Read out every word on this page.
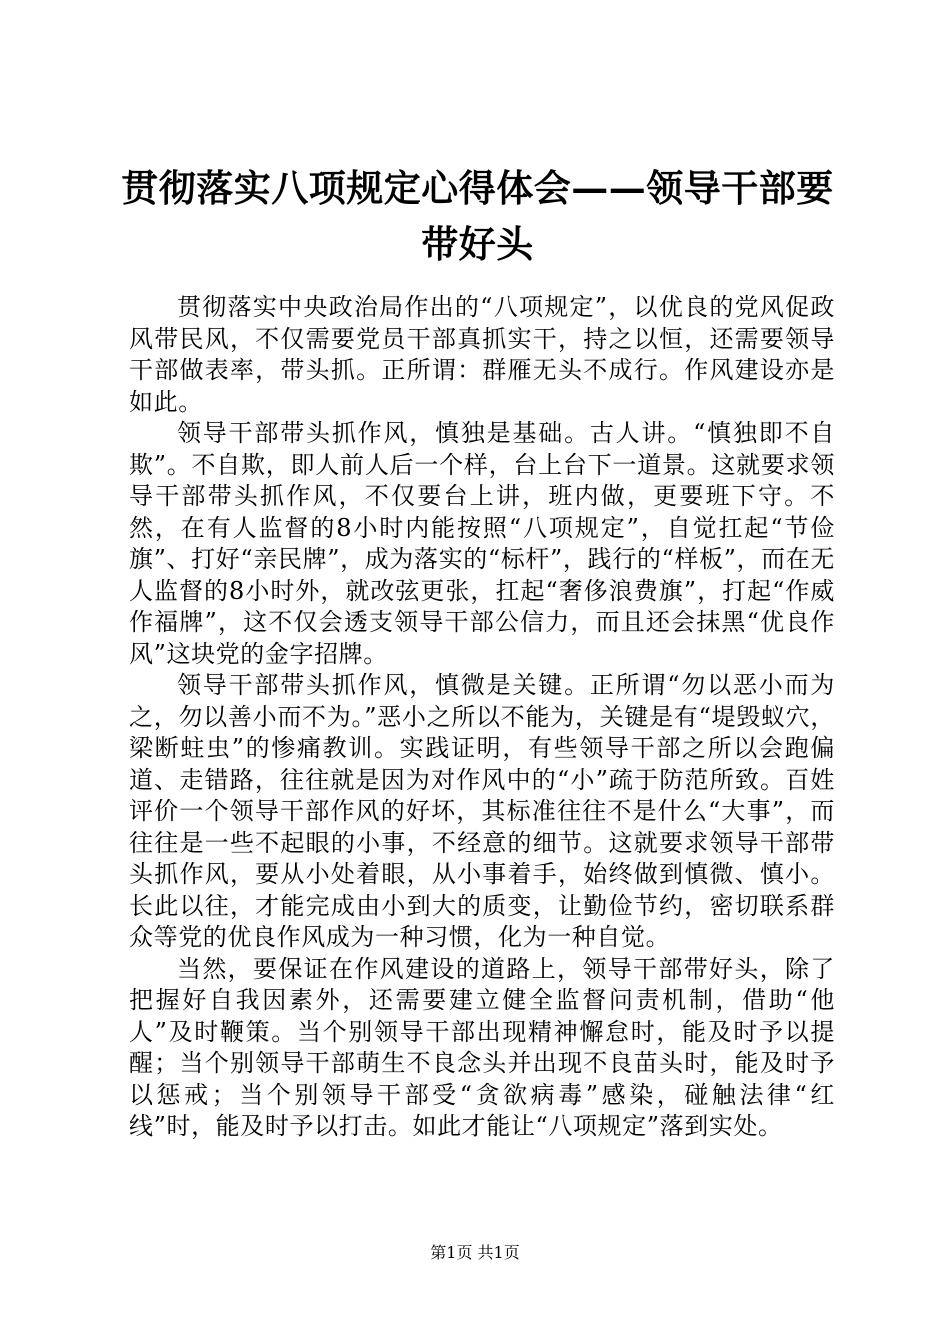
贯彻落实八项规定心得体会——领导干部要带好头

贯彻落实中央政治局作出的“八项规定”，以优良的党风促政风带民风，不仅需要党员干部真抓实干，持之以恒，还需要领导干部做表率，带头抓。正所谓：群雁无头不成行。作风建设亦是如此。

领导干部带头抓作风，慎独是基础。古人讲。“慎独即不自欺”。不自欺，即人前人后一个样，台上台下一道景。这就要求领导干部带头抓作风，不仅要台上讲，班内做，更要班下守。不然，在有人监督的8小时内能按照“八项规定”，自觉扛起“节俭旗”、打好“亲民牌”，成为落实的“标杆”，践行的“样板”，而在无人监督的8小时外，就改弦更张，扛起“奢侈浪费旗”，打起“作威作福牌”，这不仅会透支领导干部公信力，而且还会抹黑“优良作风”这块党的金字招牌。

领导干部带头抓作风，慎微是关键。正所谓“勿以恶小而为之，勿以善小而不为。”恶小之所以不能为，关键是有“堤毁蚁穴，梁断蛀虫”的惨痛教训。实践证明，有些领导干部之所以会跑偏道、走错路，往往就是因为对作风中的“小”疏于防范所致。百姓评价一个领导干部作风的好坏，其标准往往不是什么“大事”，而往往是一些不起眼的小事，不经意的细节。这就要求领导干部带头抓作风，要从小处着眼，从小事着手，始终做到慎微、慎小。长此以往，才能完成由小到大的质变，让勤俭节约，密切联系群众等党的优良作风成为一种习惯，化为一种自觉。

当然，要保证在作风建设的道路上，领导干部带好头，除了把握好自我因素外，还需要建立健全监督问责机制，借助“他人”及时鞭策。当个别领导干部出现精神懈怠时，能及时予以提醒；当个别领导干部萌生不良念头并出现不良苗头时，能及时予以惩戒；当个别领导干部受“贪欲病毒”感染，碰触法律“红线”时，能及时予以打击。如此才能让“八项规定”落到实处。

第1页 共1页
